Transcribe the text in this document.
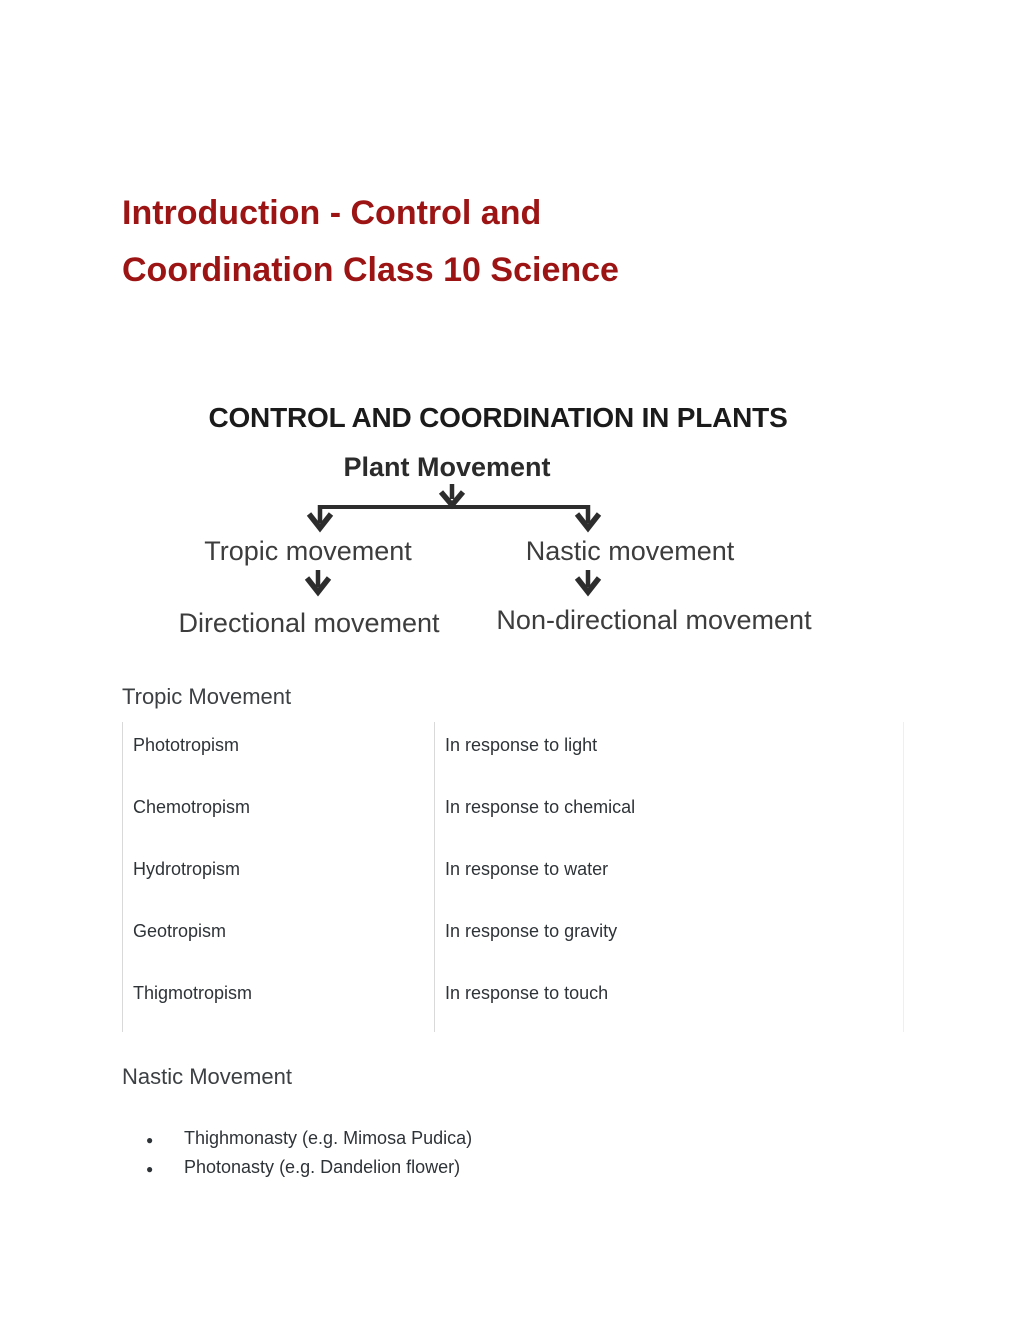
Introduction - Control and
Coordination Class 10 Science
CONTROL AND COORDINATION IN PLANTS
Plant Movement
Tropic movement	Nastic movement
Directional movement Non-directional movement
Tropic Movement
Phototropism	In response to light
Chemotropism	In response to chemical
Hydrotropism	In response to water
Geotropism	In response to gravity
Thigmotropism	In response to touch
Nastic Movement
●
Thighmonasty (e.g. Mimosa Pudica)
●
Photonasty (e.g. Dandelion flower)
